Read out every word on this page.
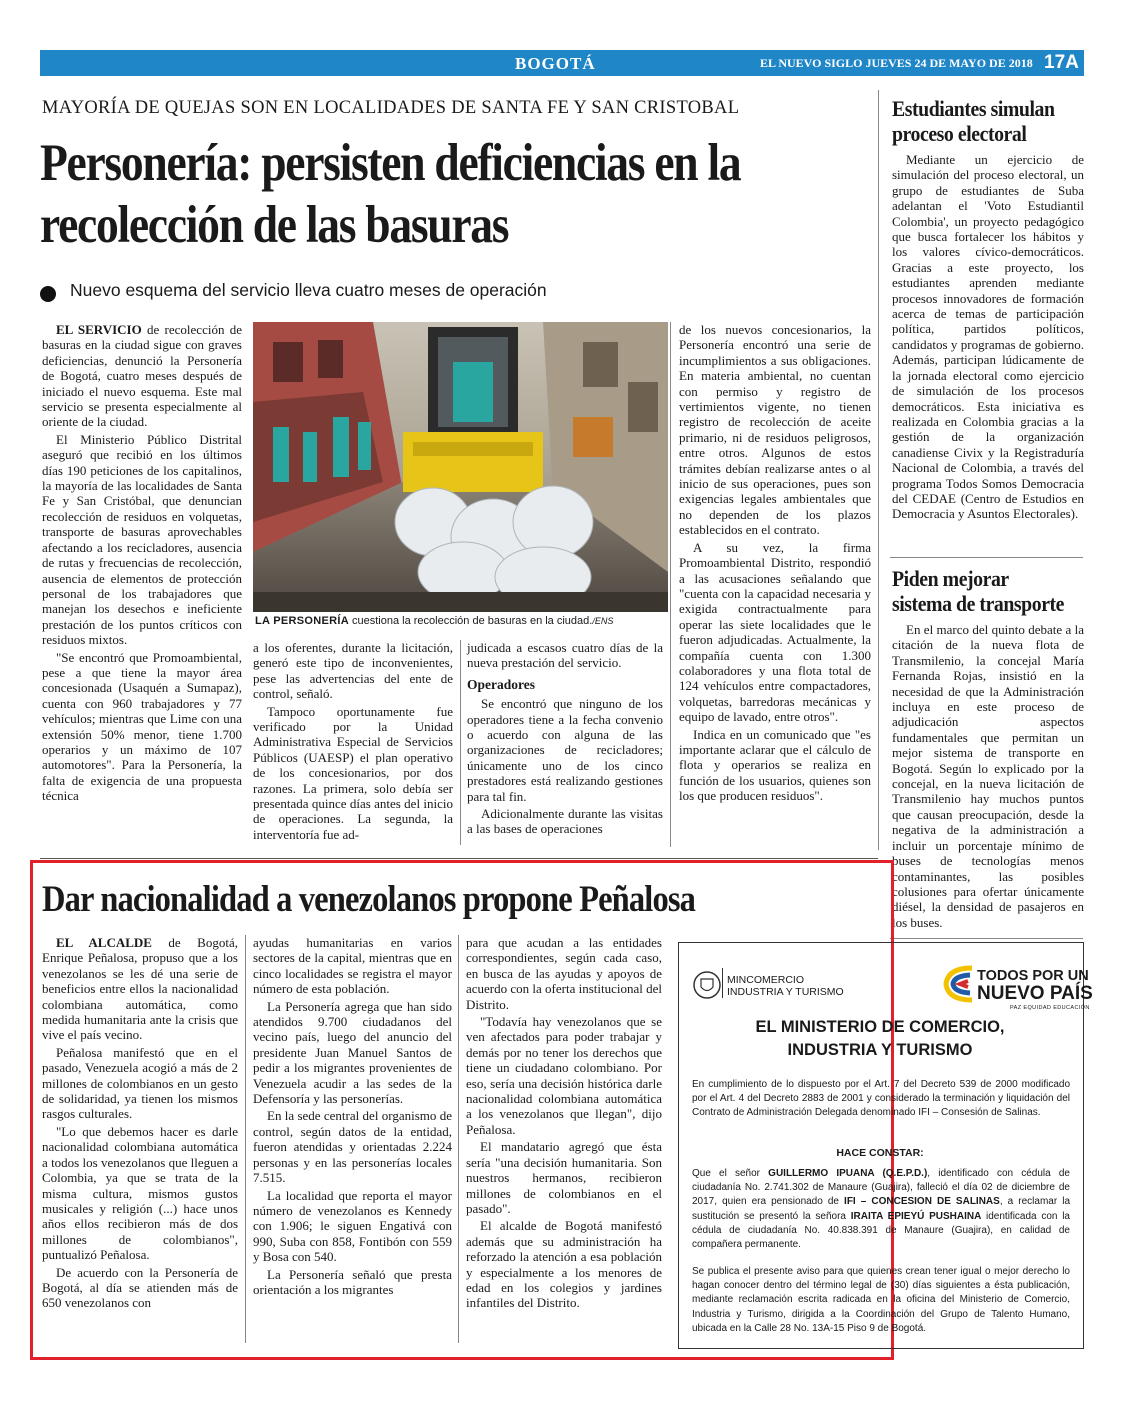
BOGOTÁ	EL NUEVO SIGLO JUEVES 24 DE MAYO DE 2018 17A
MAYORÍA DE QUEJAS SON EN LOCALIDADES DE SANTA FE Y SAN CRISTOBAL
Personería: persisten deficiencias en la recolección de las basuras
Nuevo esquema del servicio lleva cuatro meses de operación

EL SERVICIO de recolección de basuras en la ciudad sigue con graves deficiencias, denunció la Personería de Bogotá, cuatro meses después de iniciado el nuevo esquema. Este mal servicio se presenta especialmente al oriente de la ciudad.

El Ministerio Público Distrital aseguró que recibió en los últimos días 190 peticiones de los capitalinos, la mayoría de las localidades de Santa Fe y San Cristóbal, que denuncian recolección de residuos en volquetas, transporte de basuras aprovechables afectando a los recicladores, ausencia de rutas y frecuencias de recolección, ausencia de elementos de protección personal de los trabajadores que manejan los desechos e ineficiente prestación de los puntos críticos con residuos mixtos.

"Se encontró que Promoambiental, pese a que tiene la mayor área concesionada (Usaquén a Sumapaz), cuenta con 960 trabajadores y 77 vehículos; mientras que Lime con una extensión 50% menor, tiene 1.700 operarios y un máximo de 107 automotores". Para la Personería, la falta de exigencia de una propuesta técnica

LA PERSONERÍA cuestiona la recolección de basuras en la ciudad./ENS

a los oferentes, durante la licitación, generó este tipo de inconvenientes, pese las advertencias del ente de control, señaló.

Tampoco oportunamente fue verificado por la Unidad Administrativa Especial de Servicios Públicos (UAESP) el plan operativo de los concesionarios, por dos razones. La primera, solo debía ser presentada quince días antes del inicio de operaciones. La segunda, la interventoría fue ad-

judicada a escasos cuatro días de la nueva prestación del servicio.

Operadores

Se encontró que ninguno de los operadores tiene a la fecha convenio o acuerdo con alguna de las organizaciones de recicladores; únicamente uno de los cinco prestadores está realizando gestiones para tal fin.

Adicionalmente durante las visitas a las bases de operaciones

de los nuevos concesionarios, la Personería encontró una serie de incumplimientos a sus obligaciones. En materia ambiental, no cuentan con permiso y registro de vertimientos vigente, no tienen registro de recolección de aceite primario, ni de residuos peligrosos, entre otros. Algunos de estos trámites debían realizarse antes o al inicio de sus operaciones, pues son exigencias legales ambientales que no dependen de los plazos establecidos en el contrato.

A su vez, la firma Promoambiental Distrito, respondió a las acusaciones señalando que "cuenta con la capacidad necesaria y exigida contractualmente para operar las siete localidades que le fueron adjudicadas. Actualmente, la compañía cuenta con 1.300 colaboradores y una flota total de 124 vehículos entre compactadores, volquetas, barredoras mecánicas y equipo de lavado, entre otros".

Indica en un comunicado que "es importante aclarar que el cálculo de flota y operarios se realiza en función de los usuarios, quienes son los que producen residuos".

Estudiantes simulan proceso electoral

Mediante un ejercicio de simulación del proceso electoral, un grupo de estudiantes de Suba adelantan el 'Voto Estudiantil Colombia', un proyecto pedagógico que busca fortalecer los hábitos y los valores cívico-democráticos. Gracias a este proyecto, los estudiantes aprenden mediante procesos innovadores de formación acerca de temas de participación política, partidos políticos, candidatos y programas de gobierno. Además, participan lúdicamente de la jornada electoral como ejercicio de simulación de los procesos democráticos. Esta iniciativa es realizada en Colombia gracias a la gestión de la organización canadiense Civix y la Registraduría Nacional de Colombia, a través del programa Todos Somos Democracia del CEDAE (Centro de Estudios en Democracia y Asuntos Electorales).

Piden mejorar sistema de transporte

En el marco del quinto debate a la citación de la nueva flota de Transmilenio, la concejal María Fernanda Rojas, insistió en la necesidad de que la Administración incluya en este proceso de adjudicación aspectos fundamentales que permitan un mejor sistema de transporte en Bogotá. Según lo explicado por la concejal, en la nueva licitación de Transmilenio hay muchos puntos que causan preocupación, desde la negativa de la administración a incluir un porcentaje mínimo de buses de tecnologías menos contaminantes, las posibles colusiones para ofertar únicamente diésel, la densidad de pasajeros en los buses.

Dar nacionalidad a venezolanos propone Peñalosa

EL ALCALDE de Bogotá, Enrique Peñalosa, propuso que a los venezolanos se les dé una serie de beneficios entre ellos la nacionalidad colombiana automática, como medida humanitaria ante la crisis que vive el país vecino.

Peñalosa manifestó que en el pasado, Venezuela acogió a más de 2 millones de colombianos en un gesto de solidaridad, ya tienen los mismos rasgos culturales.

"Lo que debemos hacer es darle nacionalidad colombiana automática a todos los venezolanos que lleguen a Colombia, ya que se trata de la misma cultura, mismos gustos musicales y religión (...) hace unos años ellos recibieron más de dos millones de colombianos", puntualizó Peñalosa.

De acuerdo con la Personería de Bogotá, al día se atienden más de 650 venezolanos con

ayudas humanitarias en varios sectores de la capital, mientras que en cinco localidades se registra el mayor número de esta población.

La Personería agrega que han sido atendidos 9.700 ciudadanos del vecino país, luego del anuncio del presidente Juan Manuel Santos de pedir a los migrantes provenientes de Venezuela acudir a las sedes de la Defensoría y las personerías.

En la sede central del organismo de control, según datos de la entidad, fueron atendidas y orientadas 2.224 personas y en las personerías locales 7.515.

La localidad que reporta el mayor número de venezolanos es Kennedy con 1.906; le siguen Engativá con 990, Suba con 858, Fontibón con 559 y Bosa con 540.

La Personería señaló que presta orientación a los migrantes

para que acudan a las entidades correspondientes, según cada caso, en busca de las ayudas y apoyos de acuerdo con la oferta institucional del Distrito.

"Todavía hay venezolanos que se ven afectados para poder trabajar y demás por no tener los derechos que tiene un ciudadano colombiano. Por eso, sería una decisión histórica darle nacionalidad colombiana automática a los venezolanos que llegan", dijo Peñalosa.

El mandatario agregó que ésta sería "una decisión humanitaria. Son nuestros hermanos, recibieron millones de colombianos en el pasado".

El alcalde de Bogotá manifestó además que su administración ha reforzado la atención a esa población y especialmente a los menores de edad en los colegios y jardines infantiles del Distrito.

MINCOMERCIO
INDUSTRIA Y TURISMO
TODOS POR UN
NUEVO PAÍS
PAZ EQUIDAD EDUCACIÓN
EL MINISTERIO DE COMERCIO,
INDUSTRIA Y TURISMO

En cumplimiento de lo dispuesto por el Art. 7 del Decreto 539 de 2000 modificado por el Art. 4 del Decreto 2883 de 2001 y considerado la terminación y liquidación del Contrato de Administración Delegada denominado IFI – Consesión de Salinas.

HACE CONSTAR:

Que el señor GUILLERMO IPUANA (Q.E.P.D.), identificado con cédula de ciudadanía No. 2.741.302 de Manaure (Guajira), falleció el día 02 de diciembre de 2017, quien era pensionado de IFI – CONCESION DE SALINAS, a reclamar la sustitución se presentó la señora IRAITA EPIEYÚ PUSHAINA identificada con la cédula de ciudadanía No. 40.838.391 de Manaure (Guajira), en calidad de compañera permanente.

Se publica el presente aviso para que quienes crean tener igual o mejor derecho lo hagan conocer dentro del término legal de (30) días siguientes a ésta publicación, mediante reclamación escrita radicada en la oficina del Ministerio de Comercio, Industria y Turismo, dirigida a la Coordinación del Grupo de Talento Humano, ubicada en la Calle 28 No. 13A-15 Piso 9 de Bogotá.
